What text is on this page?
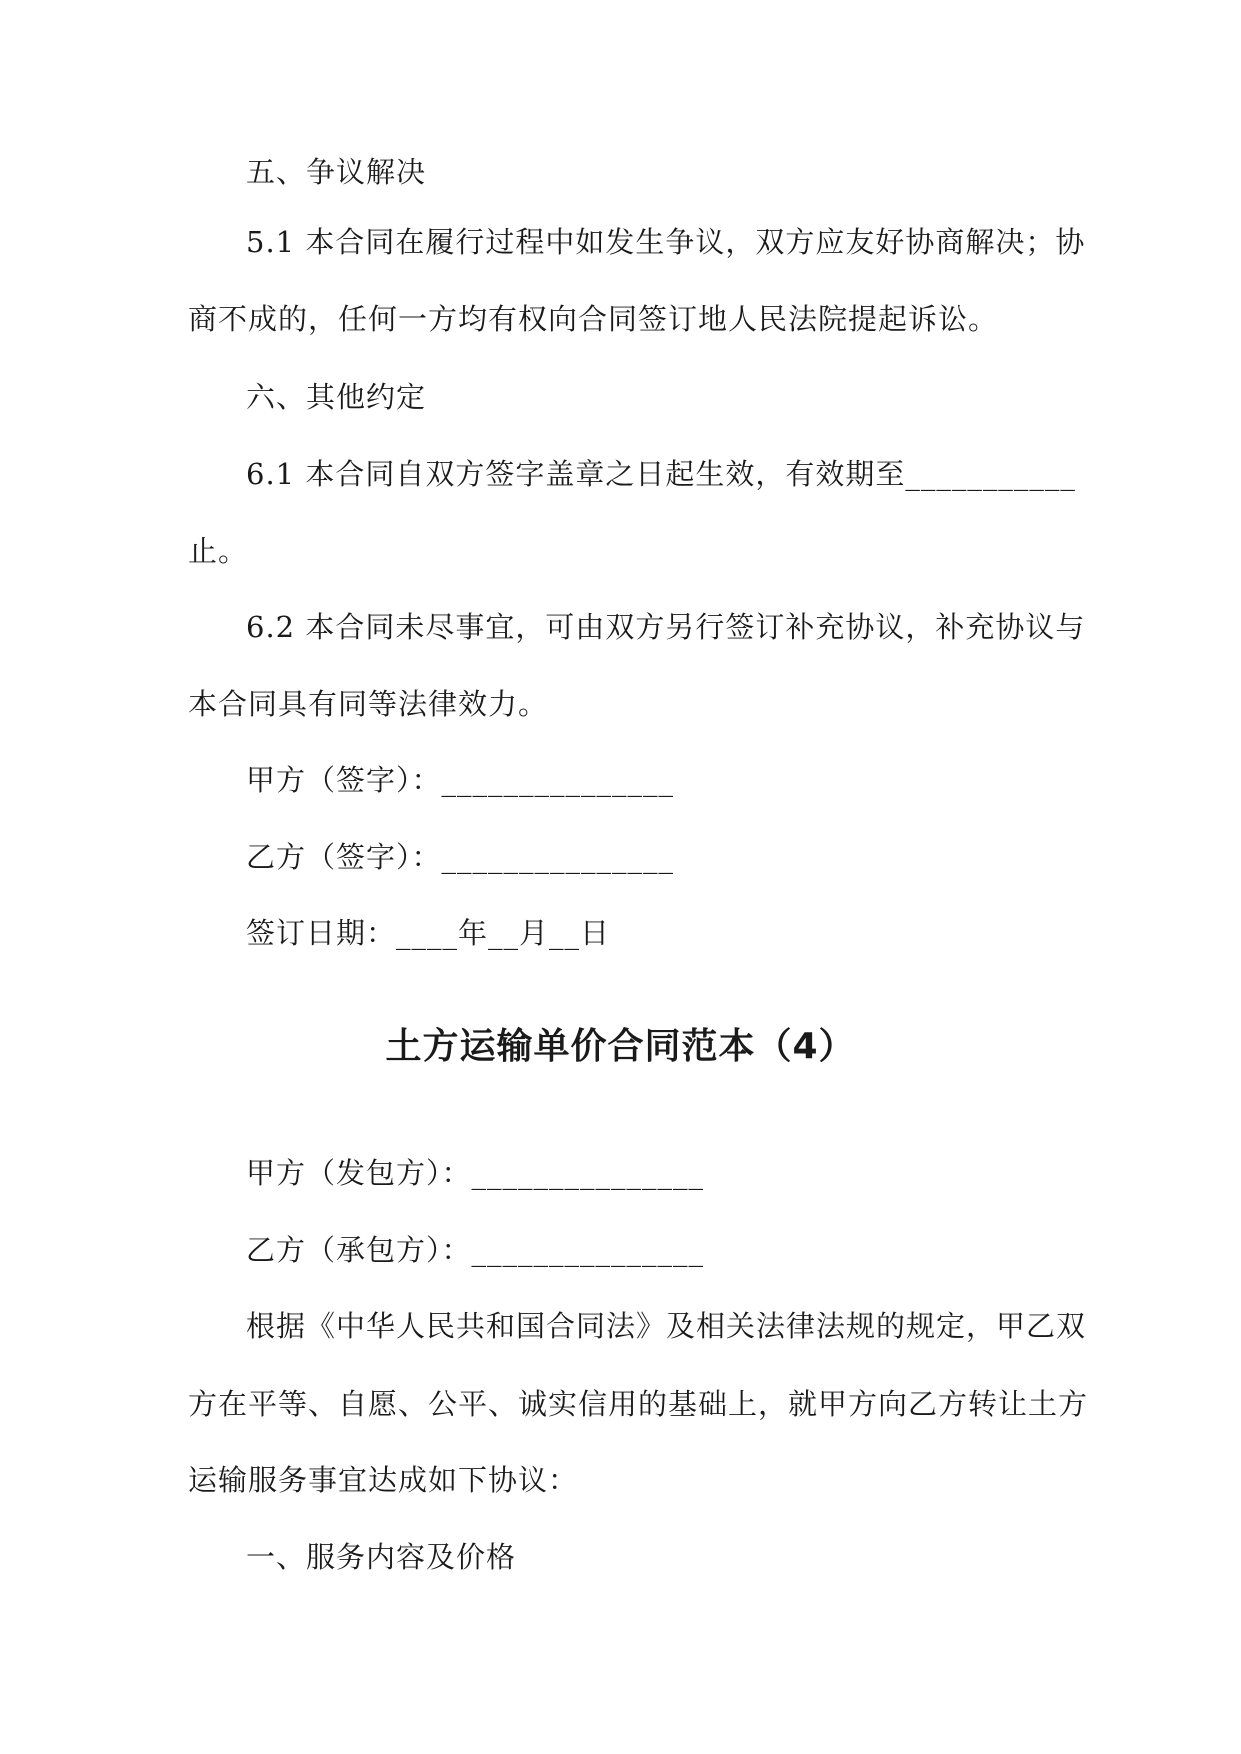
五、争议解决
5.1 本合同在履行过程中如发生争议，双方应友好协商解决；协
商不成的，任何一方均有权向合同签订地人民法院提起诉讼。
六、其他约定
6.1 本合同自双方签字盖章之日起生效，有效期至___________
止。
6.2 本合同未尽事宜，可由双方另行签订补充协议，补充协议与
本合同具有同等法律效力。
甲方（签字）：_______________
乙方（签字）：_______________
签订日期：____年__月__日
土方运输单价合同范本（4）
甲方（发包方）：_______________
乙方（承包方）：_______________
根据《中华人民共和国合同法》及相关法律法规的规定，甲乙双
方在平等、自愿、公平、诚实信用的基础上，就甲方向乙方转让土方
运输服务事宜达成如下协议：
一、服务内容及价格
